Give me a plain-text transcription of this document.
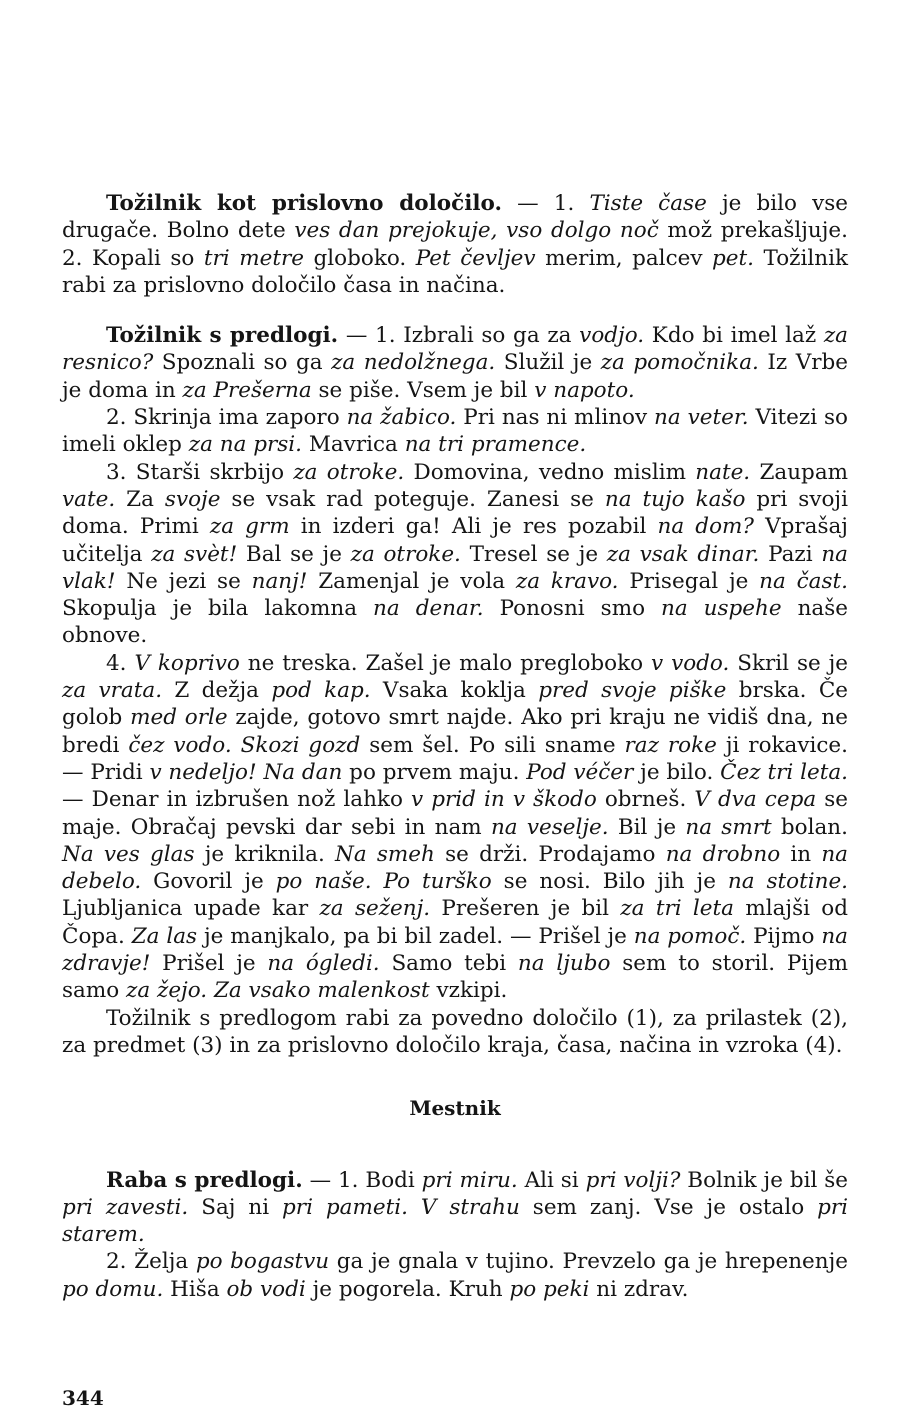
Tožilnik kot prislovno določilo. — 1. Tiste čase je bilo vse drugače. Bolno dete ves dan prejokuje, vso dolgo noč mož prekašljuje. 2. Kopali so tri metre globoko. Pet čevljev merim, palcev pet. Tožilnik rabi za prislovno določilo časa in načina.

Tožilnik s predlogi. — 1. Izbrali so ga za vodjo. Kdo bi imel laž za resnico? Spoznali so ga za nedolžnega. Služil je za pomočnika. Iz Vrbe je doma in za Prešerna se piše. Vsem je bil v napoto.

2. Skrinja ima zaporo na žabico. Pri nas ni mlinov na veter. Vitezi so imeli oklep za na prsi. Mavrica na tri pramence.

3. Starši skrbijo za otroke. Domovina, vedno mislim nate. Zaupam vate. Za svoje se vsak rad poteguje. Zanesi se na tujo kašo pri svoji doma. Primi za grm in izderi ga! Ali je res pozabil na dom? Vprašaj učitelja za svèt! Bal se je za otroke. Tresel se je za vsak dinar. Pazi na vlak! Ne jezi se nanj! Zamenjal je vola za kravo. Prisegal je na čast. Skopulja je bila lakomna na denar. Ponosni smo na uspehe naše obnove.

4. V koprivo ne treska. Zašel je malo pregloboko v vodo. Skril se je za vrata. Z dežja pod kap. Vsaka koklja pred svoje piške brska. Če golob med orle zajde, gotovo smrt najde. Ako pri kraju ne vidiš dna, ne bredi čez vodo. Skozi gozd sem šel. Po sili sname raz roke ji rokavice. — Pridi v nedeljo! Na dan po prvem maju. Pod véčer je bilo. Čez tri leta. — Denar in izbrušen nož lahko v prid in v škodo obrneš. V dva cepa se maje. Obračaj pevski dar sebi in nam na veselje. Bil je na smrt bolan. Na ves glas je kriknila. Na smeh se drži. Prodajamo na drobno in na debelo. Govoril je po naše. Po turško se nosi. Bilo jih je na stotine. Ljubljanica upade kar za seženj. Prešeren je bil za tri leta mlajši od Čopa. Za las je manjkalo, pa bi bil zadel. — Prišel je na pomoč. Pijmo na zdravje! Prišel je na ógledi. Samo tebi na ljubo sem to storil. Pijem samo za žejo. Za vsako malenkost vzkipi.

Tožilnik s predlogom rabi za povedno določilo (1), za prilastek (2), za predmet (3) in za prislovno določilo kraja, časa, načina in vzroka (4).

Mestnik

Raba s predlogi. — 1. Bodi pri miru. Ali si pri volji? Bolnik je bil še pri zavesti. Saj ni pri pameti. V strahu sem zanj. Vse je ostalo pri starem.

2. Želja po bogastvu ga je gnala v tujino. Prevzelo ga je hrepenenje po domu. Hiša ob vodi je pogorela. Kruh po peki ni zdrav.

344
